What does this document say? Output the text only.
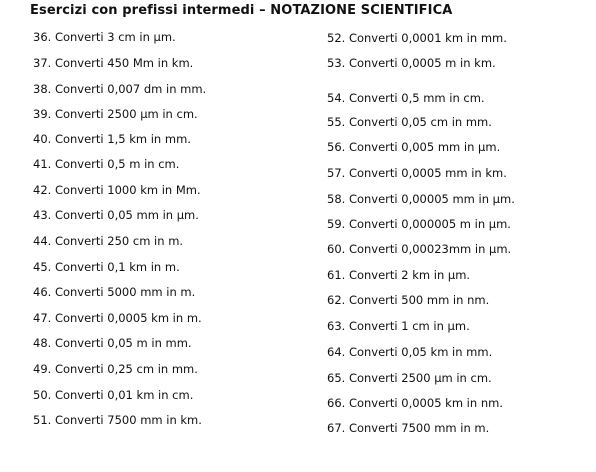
Esercizi con prefissi intermedi – NOTAZIONE SCIENTIFICA
36. Converti 3 cm in μm.
37. Converti 450 Mm in km.
38. Converti 0,007 dm in mm.
39. Converti 2500 μm in cm.
40. Converti 1,5 km in mm.
41. Converti 0,5 m in cm.
42. Converti 1000 km in Mm.
43. Converti 0,05 mm in μm.
44. Converti 250 cm in m.
45. Converti 0,1 km in m.
46. Converti 5000 mm in m.
47. Converti 0,0005 km in m.
48. Converti 0,05 m in mm.
49. Converti 0,25 cm in mm.
50. Converti 0,01 km in cm.
51. Converti 7500 mm in km.
52. Converti 0,0001 km in mm.
53. Converti 0,0005 m in km.
54. Converti 0,5 mm in cm.
55. Converti 0,05 cm in mm.
56. Converti 0,005 mm in μm.
57. Converti 0,0005 mm in km.
58. Converti 0,00005 mm in μm.
59. Converti 0,000005 m in μm.
60. Converti 0,00023mm in μm.
61. Converti 2 km in μm.
62. Converti 500 mm in nm.
63. Converti 1 cm in μm.
64. Converti 0,05 km in mm.
65. Converti 2500 μm in cm.
66. Converti 0,0005 km in nm.
67. Converti 7500 mm in m.
